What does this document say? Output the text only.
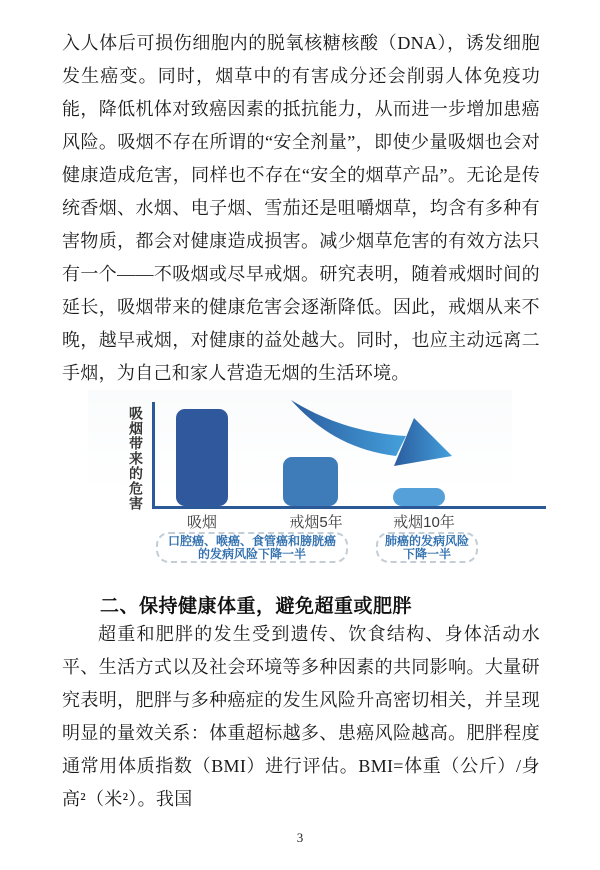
入人体后可损伤细胞内的脱氧核糖核酸（DNA），诱发细胞发生癌变。同时，烟草中的有害成分还会削弱人体免疫功能，降低机体对致癌因素的抵抗能力，从而进一步增加患癌风险。吸烟不存在所谓的“安全剂量”，即使少量吸烟也会对健康造成危害，同样也不存在“安全的烟草产品”。无论是传统香烟、水烟、电子烟、雪茄还是咀嚼烟草，均含有多种有害物质，都会对健康造成损害。减少烟草危害的有效方法只有一个——不吸烟或尽早戒烟。研究表明，随着戒烟时间的延长，吸烟带来的健康危害会逐渐降低。因此，戒烟从来不晚，越早戒烟，对健康的益处越大。同时，也应主动远离二手烟，为自己和家人营造无烟的生活环境。
吸烟带来的危害
吸烟	戒烟5年	戒烟10年
口腔癌、喉癌、食管癌和膀胱癌的发病风险下降一半
肺癌的发病风险下降一半
二、保持健康体重，避免超重或肥胖
超重和肥胖的发生受到遗传、饮食结构、身体活动水平、生活方式以及社会环境等多种因素的共同影响。大量研究表明，肥胖与多种癌症的发生风险升高密切相关，并呈现明显的量效关系：体重超标越多、患癌风险越高。肥胖程度通常用体质指数（BMI）进行评估。BMI=体重（公斤）/身高²（米²）。我国
3
